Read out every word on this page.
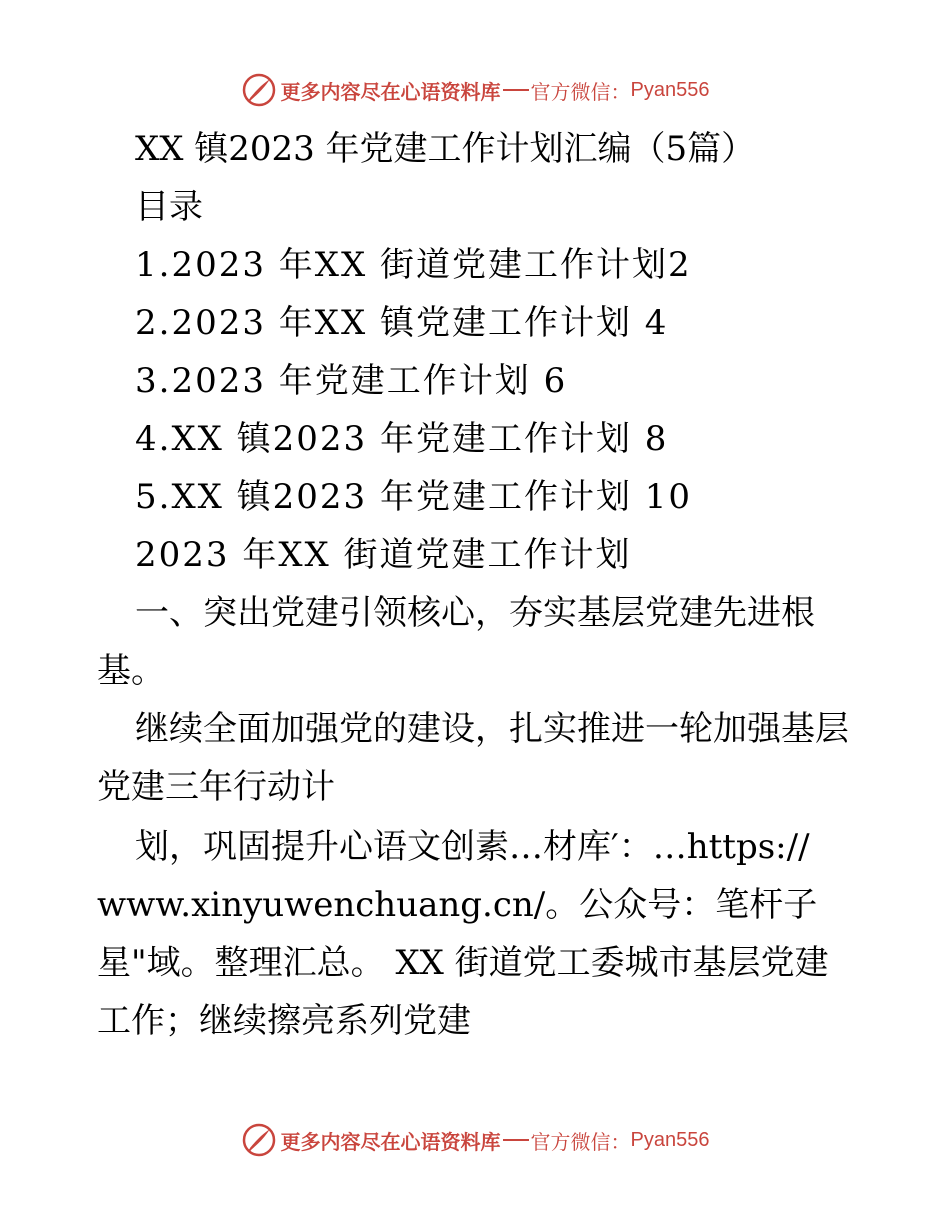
更多内容尽在心语资料库 官方微信： Pyan556
XX 镇2023 年党建工作计划汇编（5篇）
目录
1.2023 年XX 街道党建工作计划2
2.2023 年XX 镇党建工作计划 4
3.2023 年党建工作计划 6
4.XX 镇2023 年党建工作计划 8
5.XX 镇2023 年党建工作计划 10
2023 年XX 街道党建工作计划
一、突出党建引领核心，夯实基层党建先进根
基。
继续全面加强党的建设，扎实推进一轮加强基层
党建三年行动计
划，巩固提升心语文创素…材库′：…https://
www.xinyuwenchuang.cn/。公众号：笔杆子
星"域。整理汇总。 XX 街道党工委城市基层党建
工作；继续擦亮系列党建
更多内容尽在心语资料库 官方微信： Pyan556
